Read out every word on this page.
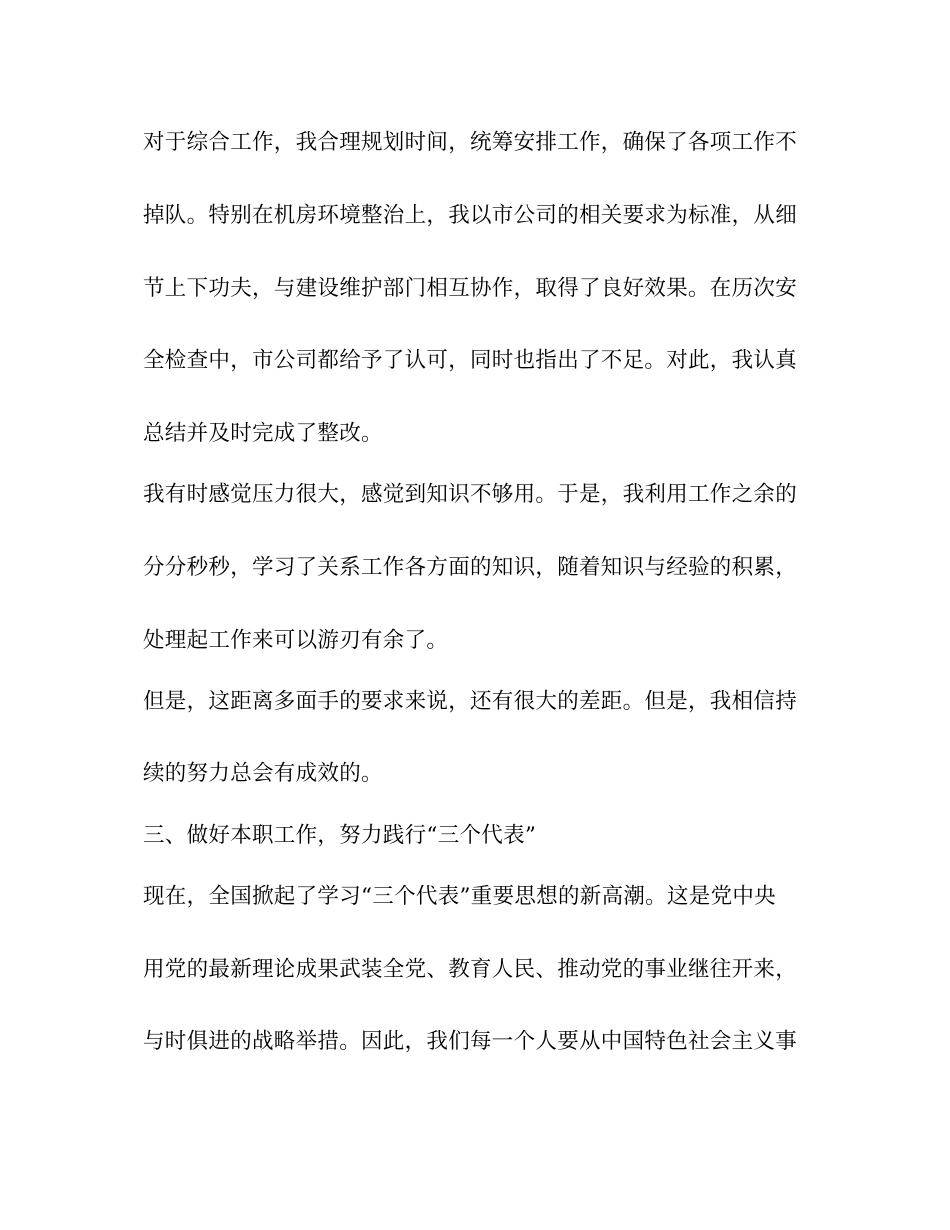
对于综合工作，我合理规划时间，统筹安排工作，确保了各项工作不
掉队。特别在机房环境整治上，我以市公司的相关要求为标准，从细
节上下功夫，与建设维护部门相互协作，取得了良好效果。在历次安
全检查中，市公司都给予了认可，同时也指出了不足。对此，我认真
总结并及时完成了整改。
我有时感觉压力很大，感觉到知识不够用。于是，我利用工作之余的
分分秒秒，学习了关系工作各方面的知识，随着知识与经验的积累，
处理起工作来可以游刃有余了。
但是，这距离多面手的要求来说，还有很大的差距。但是，我相信持
续的努力总会有成效的。
三、做好本职工作，努力践行“三个代表”
现在，全国掀起了学习“三个代表”重要思想的新高潮。这是党中央
用党的最新理论成果武装全党、教育人民、推动党的事业继往开来，
与时俱进的战略举措。因此，我们每一个人要从中国特色社会主义事
